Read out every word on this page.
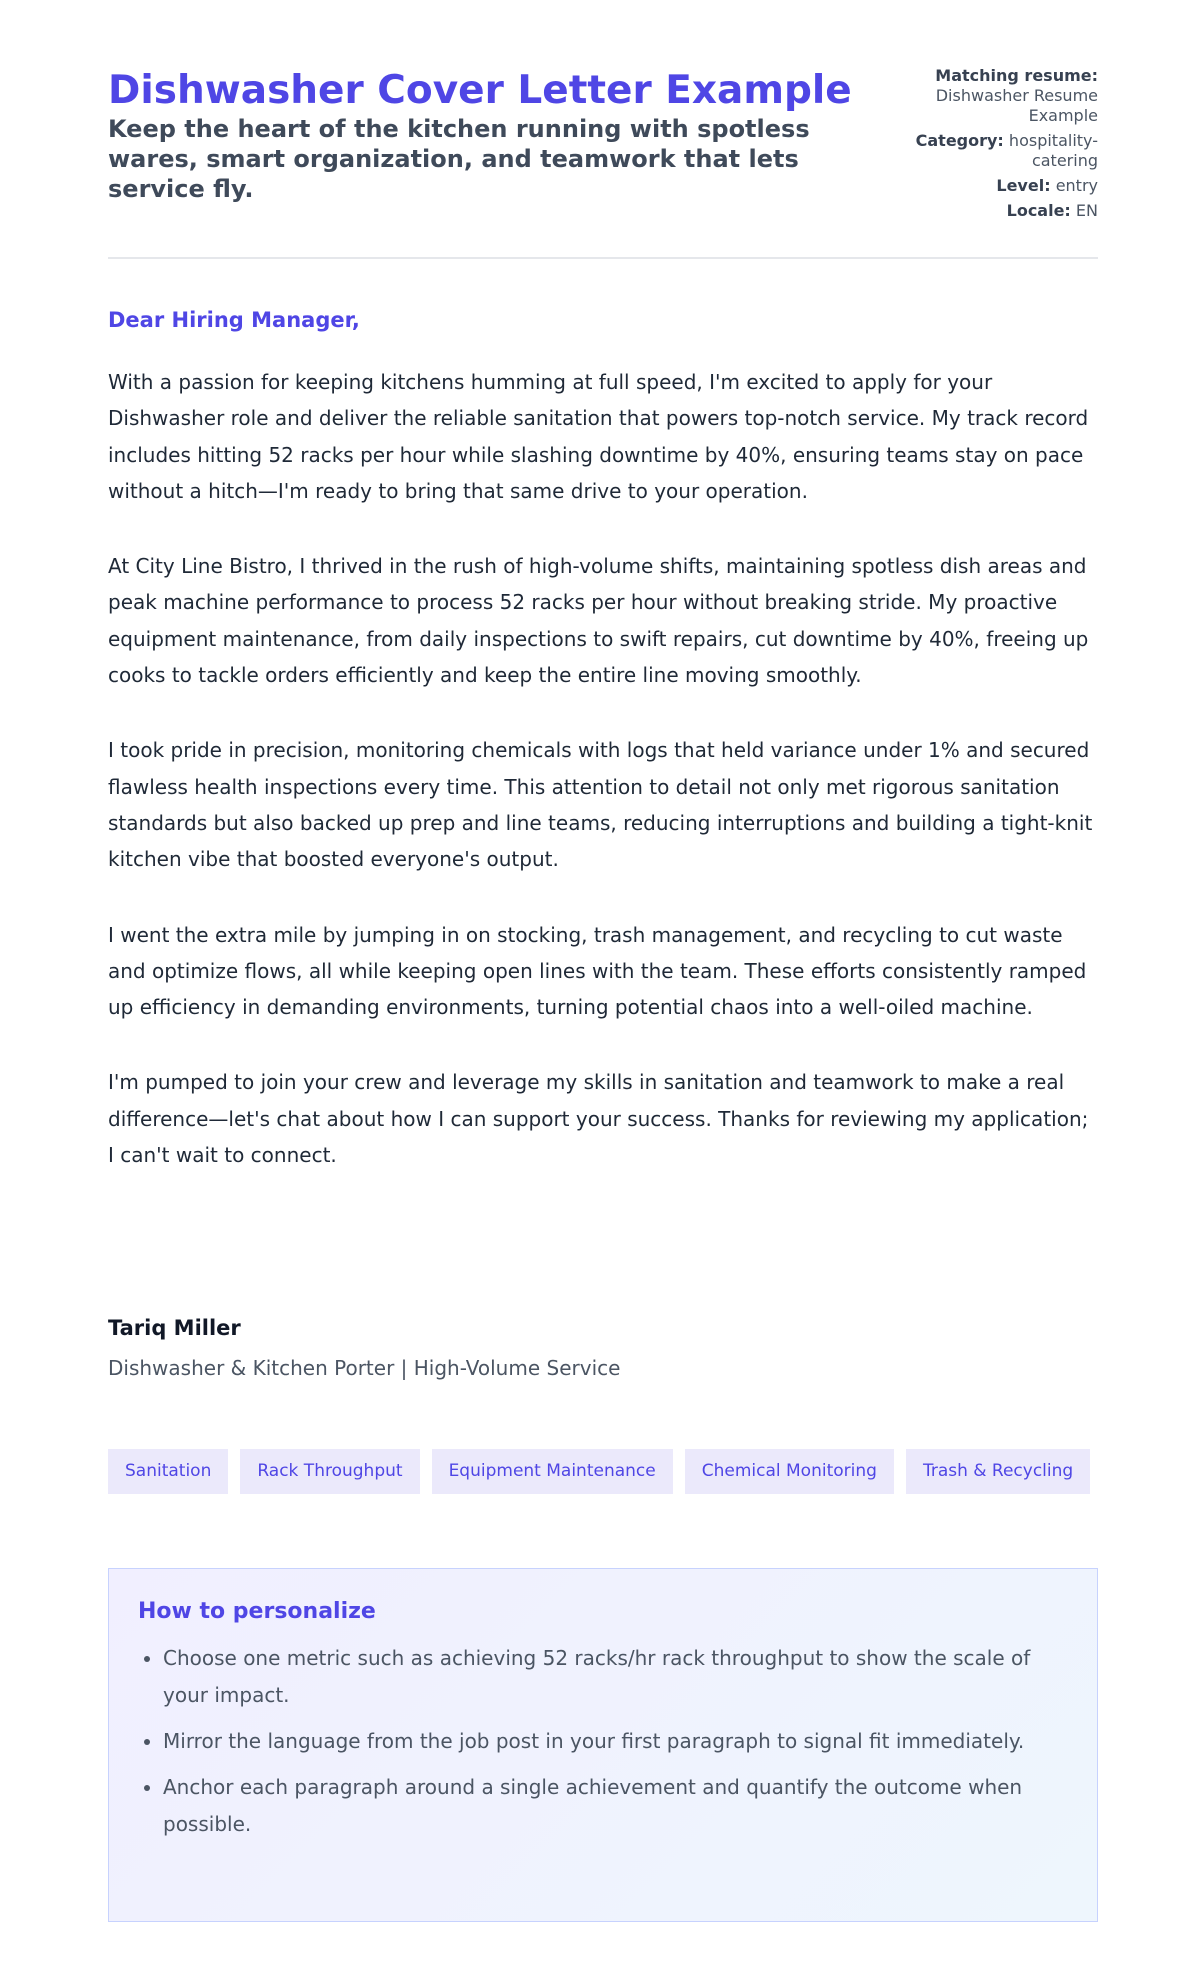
Dishwasher Cover Letter Example
Keep the heart of the kitchen running with spotless wares, smart organization, and teamwork that lets service fly.
Matching resume:
Dishwasher Resume Example
Category: hospitality-catering
Level: entry
Locale: EN
Dear Hiring Manager,

With a passion for keeping kitchens humming at full speed, I'm excited to apply for your Dishwasher role and deliver the reliable sanitation that powers top-notch service. My track record includes hitting 52 racks per hour while slashing downtime by 40%, ensuring teams stay on pace without a hitch—I'm ready to bring that same drive to your operation.

At City Line Bistro, I thrived in the rush of high-volume shifts, maintaining spotless dish areas and peak machine performance to process 52 racks per hour without breaking stride. My proactive equipment maintenance, from daily inspections to swift repairs, cut downtime by 40%, freeing up cooks to tackle orders efficiently and keep the entire line moving smoothly.

I took pride in precision, monitoring chemicals with logs that held variance under 1% and secured flawless health inspections every time. This attention to detail not only met rigorous sanitation standards but also backed up prep and line teams, reducing interruptions and building a tight-knit kitchen vibe that boosted everyone's output.

I went the extra mile by jumping in on stocking, trash management, and recycling to cut waste and optimize flows, all while keeping open lines with the team. These efforts consistently ramped up efficiency in demanding environments, turning potential chaos into a well-oiled machine.

I'm pumped to join your crew and leverage my skills in sanitation and teamwork to make a real difference—let's chat about how I can support your success. Thanks for reviewing my application; I can't wait to connect.

Tariq Miller
Dishwasher & Kitchen Porter | High-Volume Service
Sanitation	Rack Throughput	Equipment Maintenance	Chemical Monitoring	Trash & Recycling
How to personalize
• Choose one metric such as achieving 52 racks/hr rack throughput to show the scale of your impact.
• Mirror the language from the job post in your first paragraph to signal fit immediately.
• Anchor each paragraph around a single achievement and quantify the outcome when possible.
